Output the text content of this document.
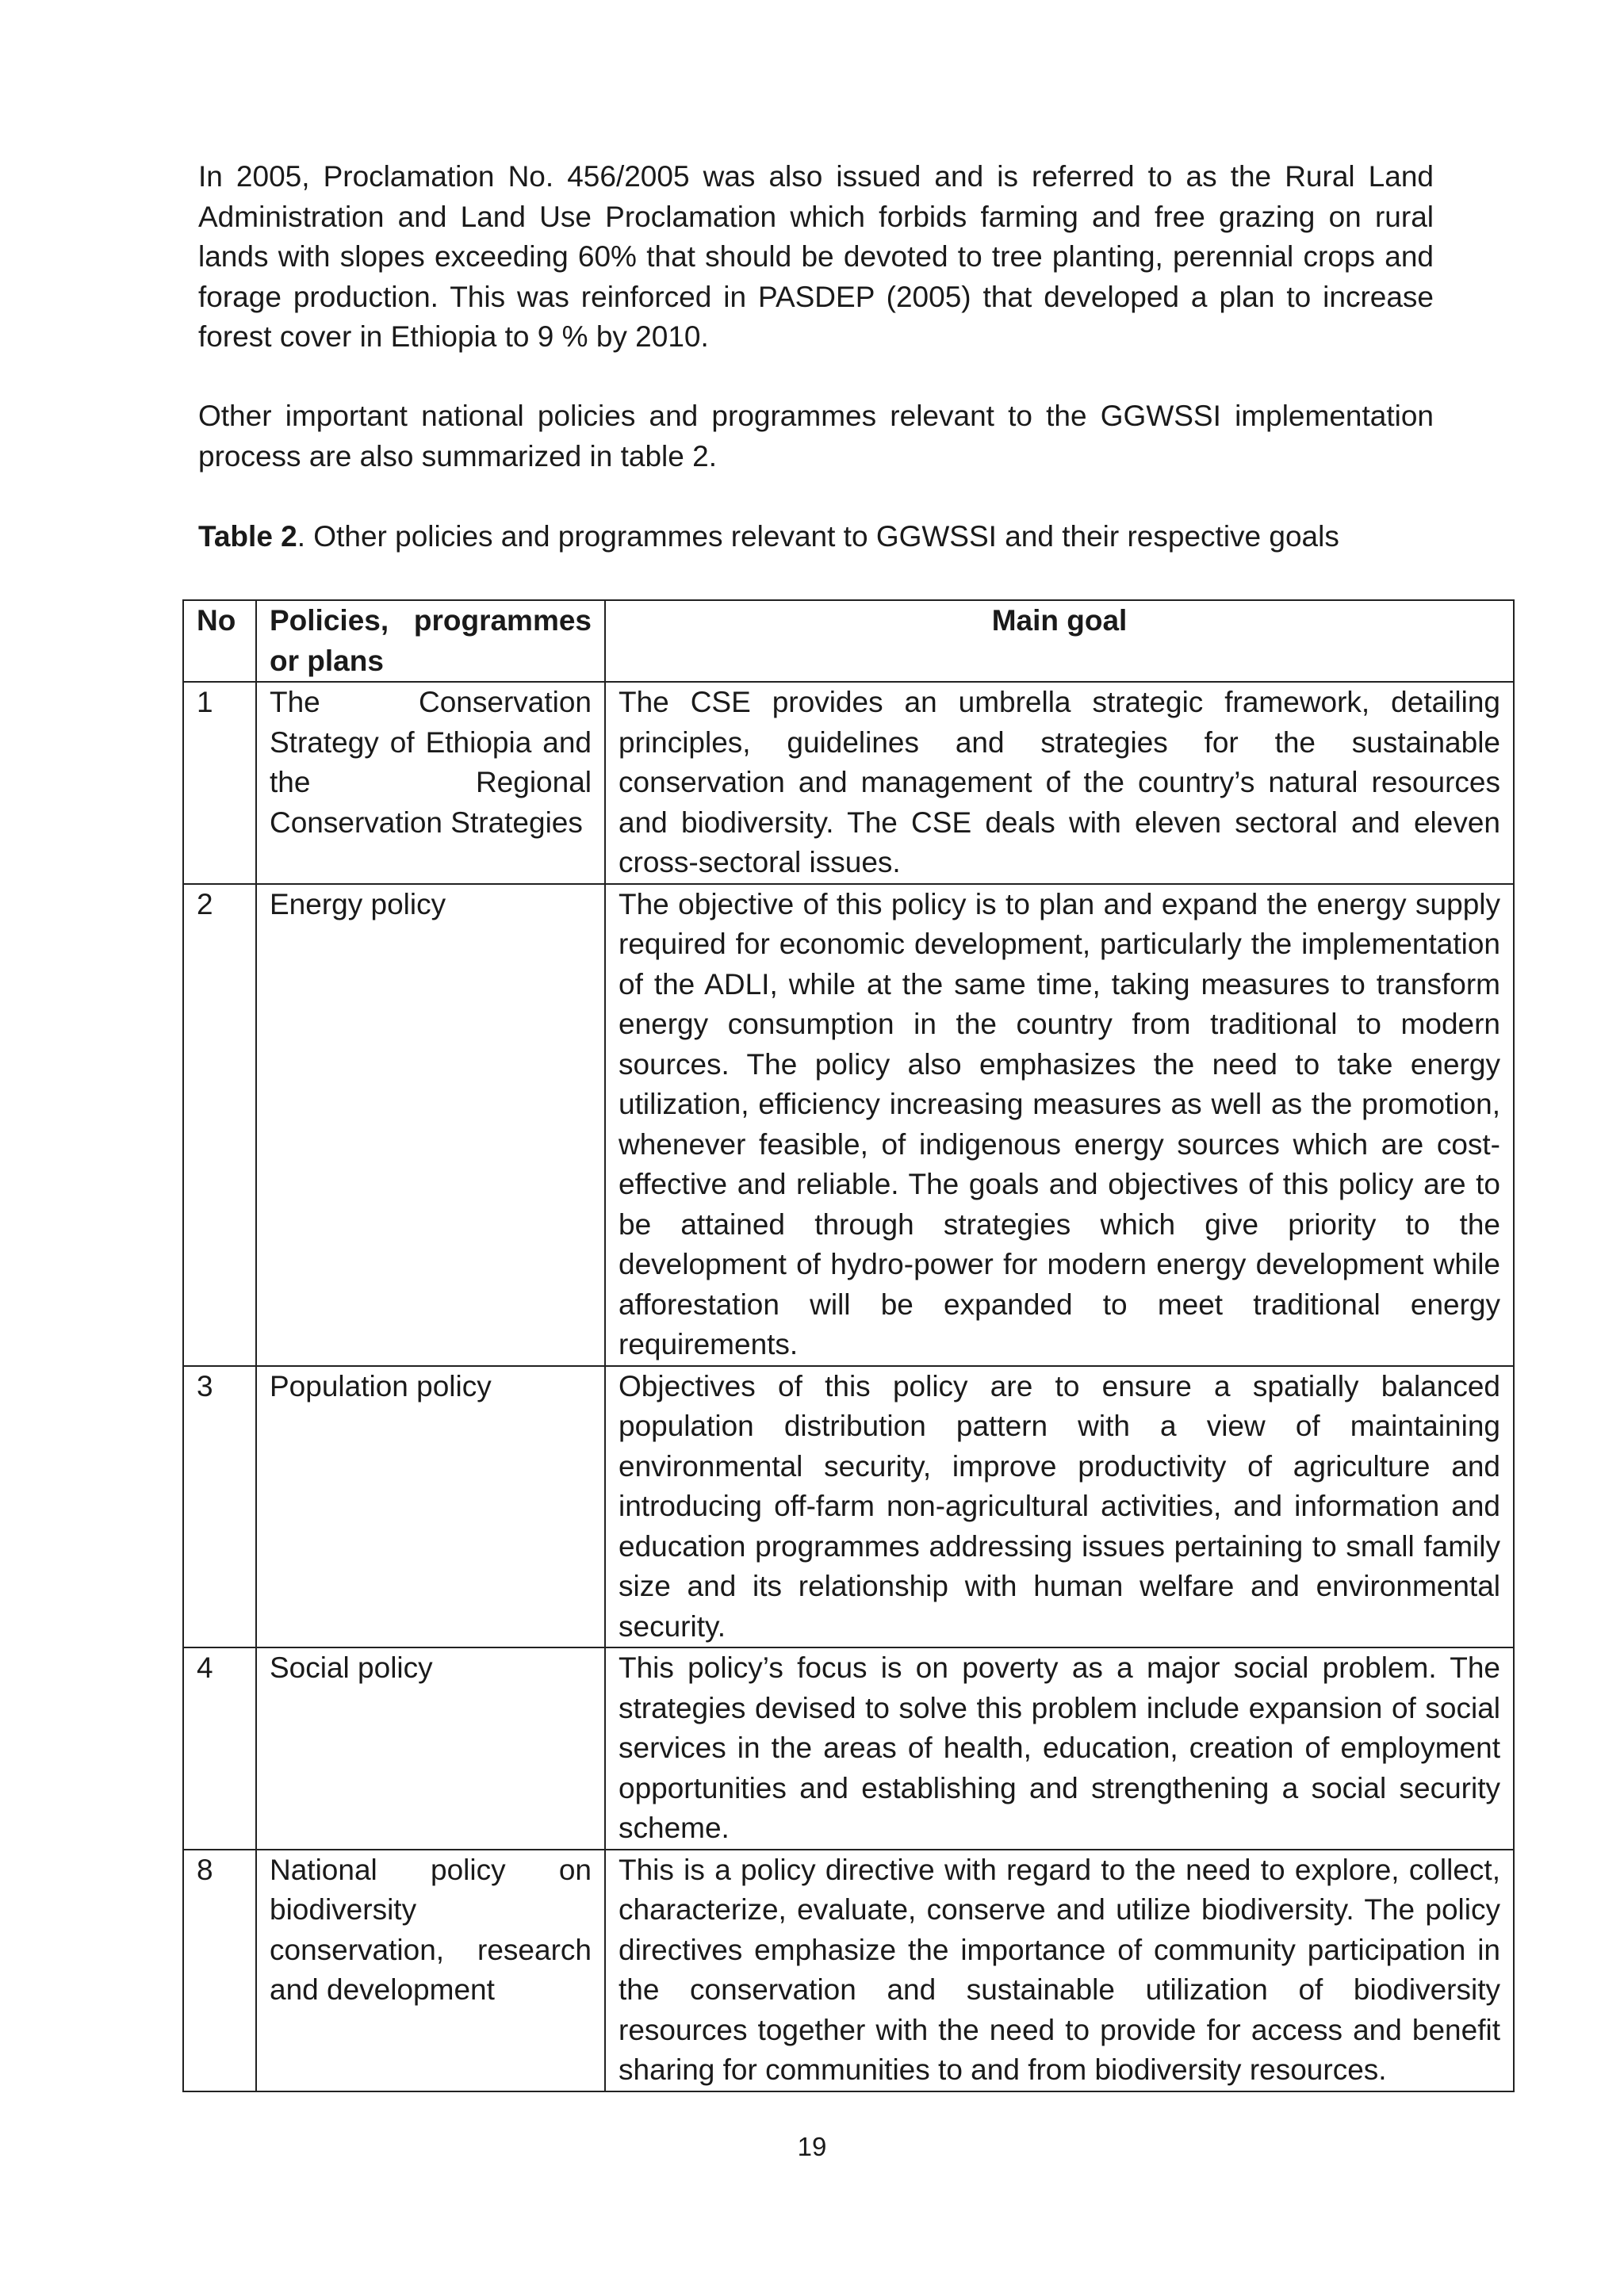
In 2005, Proclamation No. 456/2005 was also issued and is referred to as the Rural Land Administration and Land Use Proclamation which forbids farming and free grazing on rural lands with slopes exceeding 60% that should be devoted to tree planting, perennial crops and forage production. This was reinforced in PASDEP (2005) that developed a plan to increase forest cover in Ethiopia to 9 % by 2010.

Other important national policies and programmes relevant to the GGWSSI implementation process are also summarized in table 2.

Table 2. Other policies and programmes relevant to GGWSSI and their respective goals

No	Policies, programmes or plans	Main goal
1	The Conservation Strategy of Ethiopia and the Regional Conservation Strategies	The CSE provides an umbrella strategic framework, detailing principles, guidelines and strategies for the sustainable conservation and management of the country’s natural resources and biodiversity. The CSE deals with eleven sectoral and eleven cross-sectoral issues.
2	Energy policy	The objective of this policy is to plan and expand the energy supply required for economic development, particularly the implementation of the ADLI, while at the same time, taking measures to transform energy consumption in the country from traditional to modern sources. The policy also emphasizes the need to take energy utilization, efficiency increasing measures as well as the promotion, whenever feasible, of indigenous energy sources which are cost-effective and reliable. The goals and objectives of this policy are to be attained through strategies which give priority to the development of hydro-power for modern energy development while afforestation will be expanded to meet traditional energy requirements.
3	Population policy	Objectives of this policy are to ensure a spatially balanced population distribution pattern with a view of maintaining environmental security, improve productivity of agriculture and introducing off-farm non-agricultural activities, and information and education programmes addressing issues pertaining to small family size and its relationship with human welfare and environmental security.
4	Social policy	This policy’s focus is on poverty as a major social problem. The strategies devised to solve this problem include expansion of social services in the areas of health, education, creation of employment opportunities and establishing and strengthening a social security scheme.
8	National policy on biodiversity conservation, research and development	This is a policy directive with regard to the need to explore, collect, characterize, evaluate, conserve and utilize biodiversity. The policy directives emphasize the importance of community participation in the conservation and sustainable utilization of biodiversity resources together with the need to provide for access and benefit sharing for communities to and from biodiversity resources.
19
